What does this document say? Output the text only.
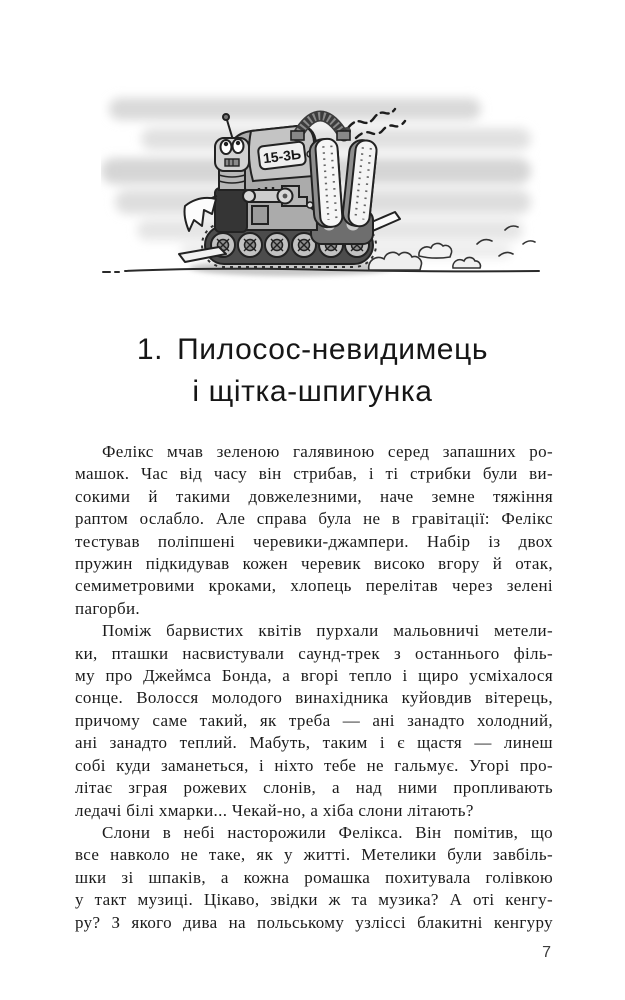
15-3Ь
1. Пилосос-невидимець
і щітка-шпигунка
Фелікс мчав зеленою галявиною серед запашних ро-
машок. Час від часу він стрибав, і ті стрибки були ви-
сокими й такими довжелезними, наче земне тяжіння
раптом ослабло. Але справа була не в гравітації: Фелікс
тестував поліпшені черевики-джампери. Набір із двох
пружин підкидував кожен черевик високо вгору й отак,
семиметровими кроками, хлопець перелітав через зелені
пагорби.
Поміж барвистих квітів пурхали мальовничі метели-
ки, пташки насвистували саунд-трек з останнього філь-
му про Джеймса Бонда, а вгорі тепло і щиро усміхалося
сонце. Волосся молодого винахідника куйовдив вітерець,
причому саме такий, як треба — ані занадто холодний,
ані занадто теплий. Мабуть, таким і є щастя — линеш
собі куди заманеться, і ніхто тебе не гальмує. Угорі про-
літає зграя рожевих слонів, а над ними пропливають
ледачі білі хмарки... Чекай-но, а хіба слони літають?
Слони в небі насторожили Фелікса. Він помітив, що
все навколо не таке, як у житті. Метелики були завбіль-
шки зі шпаків, а кожна ромашка похитувала голівкою
у такт музиці. Цікаво, звідки ж та музика? А оті кенгу-
ру? З якого дива на польському узліссі блакитні кенгуру
7
